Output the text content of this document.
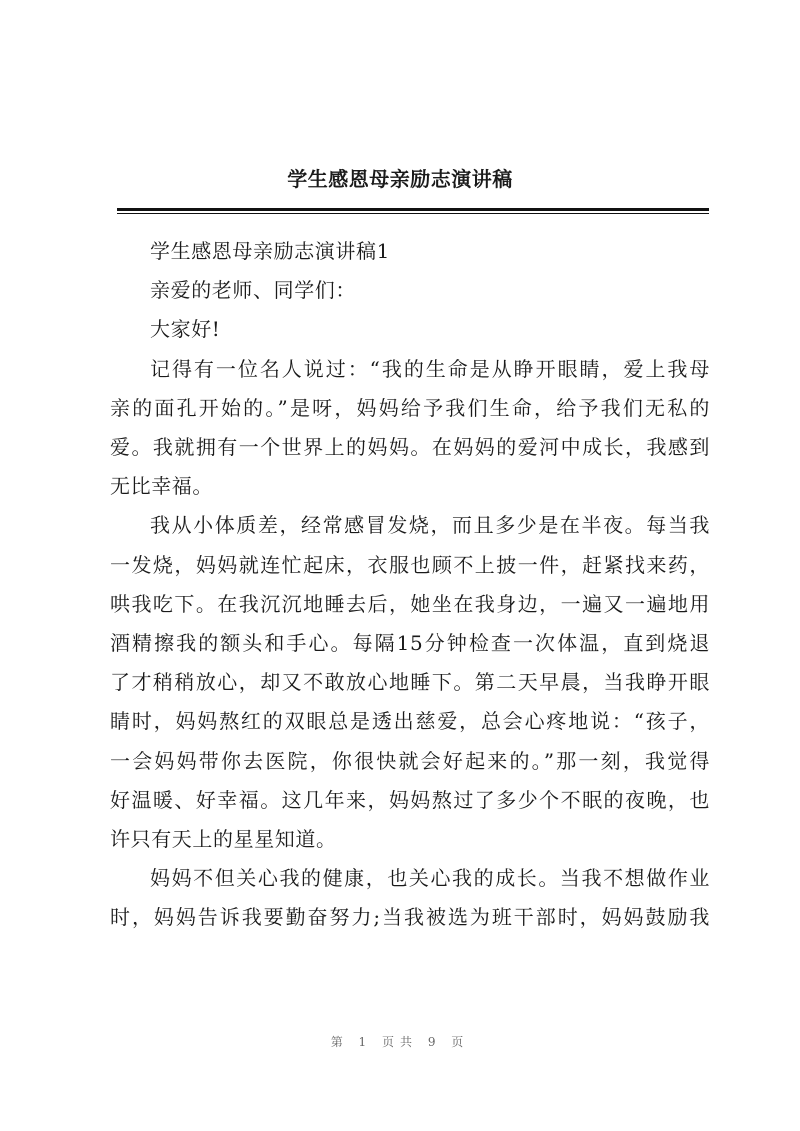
学生感恩母亲励志演讲稿

学生感恩母亲励志演讲稿1

亲爱的老师、同学们：

大家好!

记得有一位名人说过：“我的生命是从睁开眼睛，爱上我母
亲的面孔开始的。”是呀，妈妈给予我们生命，给予我们无私的
爱。我就拥有一个世界上的妈妈。在妈妈的爱河中成长，我感到
无比幸福。

我从小体质差，经常感冒发烧，而且多少是在半夜。每当我
一发烧，妈妈就连忙起床，衣服也顾不上披一件，赶紧找来药，
哄我吃下。在我沉沉地睡去后，她坐在我身边，一遍又一遍地用
酒精擦我的额头和手心。每隔15分钟检查一次体温，直到烧退
了才稍稍放心，却又不敢放心地睡下。第二天早晨，当我睁开眼
睛时，妈妈熬红的双眼总是透出慈爱，总会心疼地说：“孩子，
一会妈妈带你去医院，你很快就会好起来的。”那一刻，我觉得
好温暖、好幸福。这几年来，妈妈熬过了多少个不眠的夜晚，也
许只有天上的星星知道。

妈妈不但关心我的健康，也关心我的成长。当我不想做作业
时，妈妈告诉我要勤奋努力;当我被选为班干部时，妈妈鼓励我

第 1 页共 9 页
